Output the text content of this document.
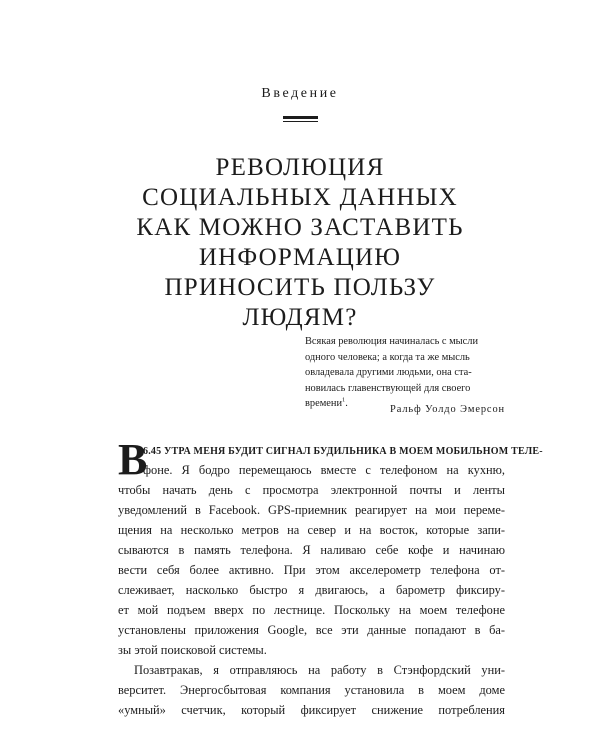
Введение
РЕВОЛЮЦИЯ
СОЦИАЛЬНЫХ ДАННЫХ
КАК МОЖНО ЗАСТАВИТЬ
ИНФОРМАЦИЮ
ПРИНОСИТЬ ПОЛЬЗУ
ЛЮДЯМ?
Всякая революция начиналась с мысли
одного человека; а когда та же мысль
овладевала другими людьми, она ста-
новилась главенствующей для своего
времени$^1$.
Ральф Уолдо Эмерсон
В
6.45 УТРА МЕНЯ БУДИТ СИГНАЛ БУДИЛЬНИКА В МОЕМ МОБИЛЬНОМ ТЕЛЕ-
фоне. Я бодро перемещаюсь вместе с телефоном на кухню,
чтобы начать день с просмотра электронной почты и ленты
уведомлений в Facebook. GPS-приемник реагирует на мои переме-
щения на несколько метров на север и на восток, которые запи-
сываются в память телефона. Я наливаю себе кофе и начинаю
вести себя более активно. При этом акселерометр телефона от-
слеживает, насколько быстро я двигаюсь, а барометр фиксиру-
ет мой подъем вверх по лестнице. Поскольку на моем телефоне
установлены приложения Google, все эти данные попадают в ба-
зы этой поисковой системы.
Позавтракав, я отправляюсь на работу в Стэнфордский уни-
верситет. Энергосбытовая компания установила в моем доме
«умный» счетчик, который фиксирует снижение потребления
